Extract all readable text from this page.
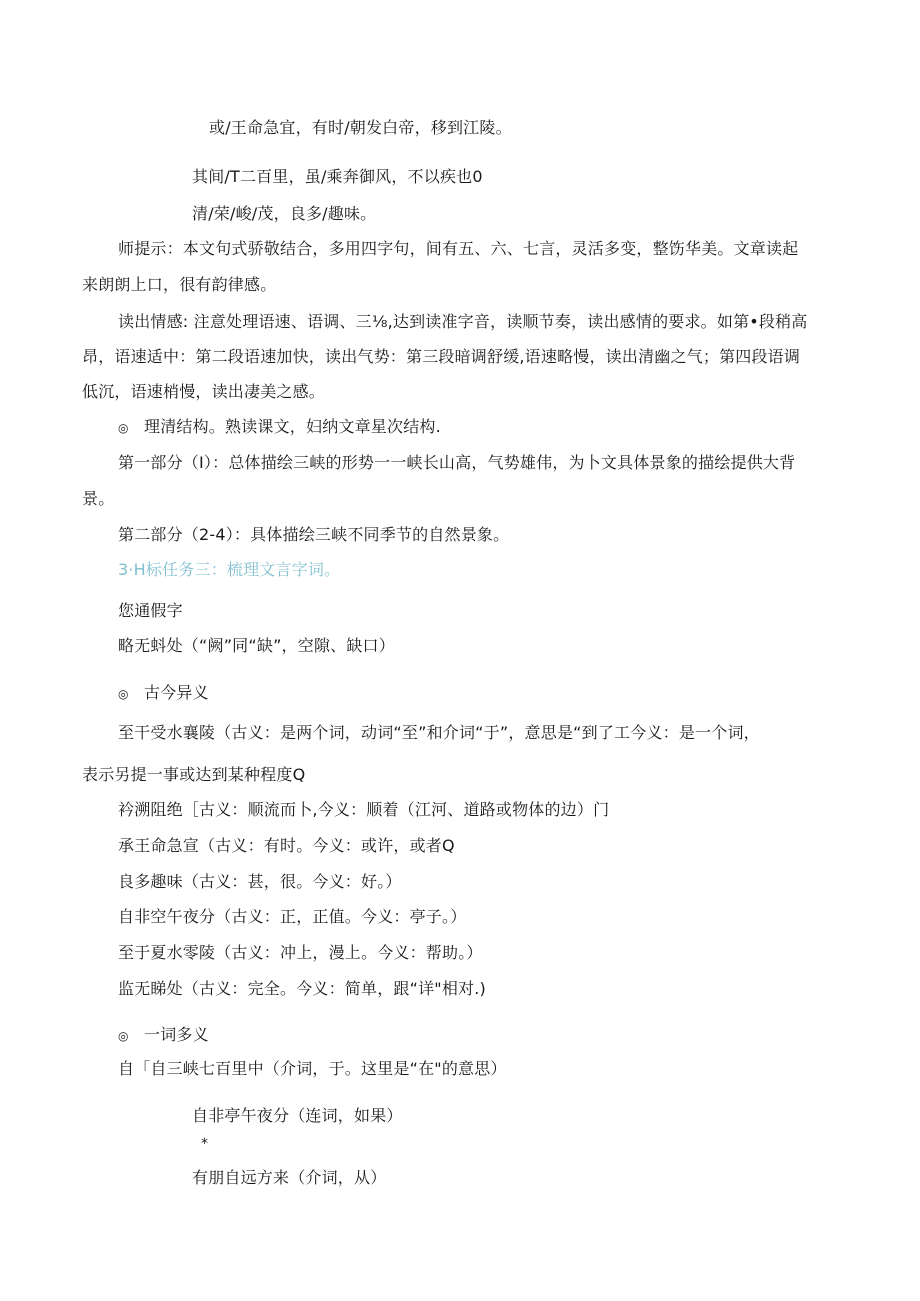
或/王命急宜，有时/朝发白帝，移到江陵。
其间/T二百里，虽/乘奔御风，不以疾也0
清/荣/峻/茂，良多/趣味。
师提示：本文句式骄敬结合，多用四字句，间有五、六、七言，灵活多变，整饬华美。文章读起
来朗朗上口，很有韵律感。
读出情感: 注意处理语速、语调、三⅛,达到读准字音，读顺节奏，读出感情的要求。如第•段稍高
昂，语速适中：第二段语速加快，读出气势：第三段暗调舒缓,语速略慢，读出清幽之气；第四段语调
低沉，语速梢慢，读出凄美之感。
◎ 理清结构。熟读课文，妇纳文章星次结构.
第一部分（I）：总体描绘三峡的形势一一峡长山高，气势雄伟，为卜文具体景象的描绘提供大背
景。
第二部分（2-4）：具体描绘三峡不同季节的自然景象。
3·H标任务三：梳理文言字词。
您通假字
略无蚪处（“阙”同“缺”，空隙、缺口）
◎ 古今异义
至干受水襄陵（古义：是两个词，动词“至”和介词“于”，意思是“到了工今义：是一个词，
表示另提一事或达到某种程度Q
衿溯阻绝［古义：顺流而卜,今义：顺着（江河、道路或物体的边）门
承王命急宣（古义：有时。今义：或许，或者Q
良多趣味（古义：甚，很。今义：好。）
自非空午夜分（古义：正，正值。今义：亭子。）
至于夏水零陵（古义：冲上，漫上。今义：帮助。）
监无睇处（古义：完全。今义：简单，跟“详"相对.)
◎ 一词多义
自「自三峡七百里中（介词，于。这里是“在"的意思）
自非亭午夜分（连词，如果）
*
有朋自远方来（介词，从）
